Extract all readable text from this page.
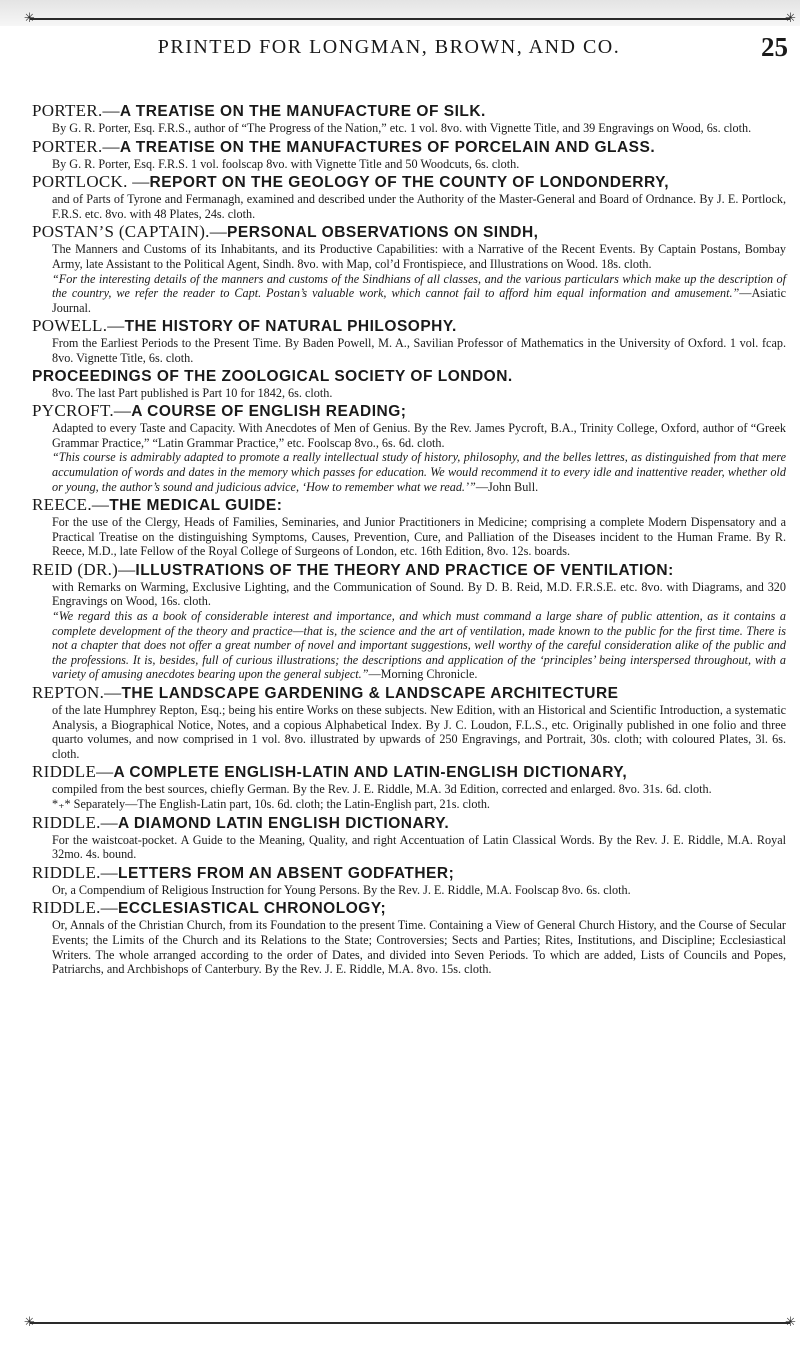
✳	✳
PRINTED FOR LONGMAN, BROWN, AND CO.	25
PORTER.—A TREATISE ON THE MANUFACTURE OF SILK.
By G. R. Porter, Esq. F.R.S., author of “The Progress of the Nation,” etc. 1 vol. 8vo. with Vignette Title, and 39 Engravings on Wood, 6s. cloth.
PORTER.—A TREATISE ON THE MANUFACTURES OF PORCELAIN AND GLASS.
By G. R. Porter, Esq. F.R.S. 1 vol. foolscap 8vo. with Vignette Title and 50 Woodcuts, 6s. cloth.
PORTLOCK. —REPORT ON THE GEOLOGY OF THE COUNTY OF LONDONDERRY,
and of Parts of Tyrone and Fermanagh, examined and described under the Authority of the Master-General and Board of Ordnance. By J. E. Portlock, F.R.S. etc. 8vo. with 48 Plates, 24s. cloth.
POSTAN’S (CAPTAIN).—PERSONAL OBSERVATIONS ON SINDH,
The Manners and Customs of its Inhabitants, and its Productive Capabilities: with a Narrative of the Recent Events. By Captain Postans, Bombay Army, late Assistant to the Political Agent, Sindh. 8vo. with Map, col’d Frontispiece, and Illustrations on Wood. 18s. cloth.
“For the interesting details of the manners and customs of the Sindhians of all classes, and the various particulars which make up the description of the country, we refer the reader to Capt. Postan’s valuable work, which cannot fail to afford him equal information and amusement.”—Asiatic Journal.
POWELL.—THE HISTORY OF NATURAL PHILOSOPHY.
From the Earliest Periods to the Present Time. By Baden Powell, M. A., Savilian Professor of Mathematics in the University of Oxford. 1 vol. fcap. 8vo. Vignette Title, 6s. cloth.
PROCEEDINGS OF THE ZOOLOGICAL SOCIETY OF LONDON.
8vo. The last Part published is Part 10 for 1842, 6s. cloth.
PYCROFT.—A COURSE OF ENGLISH READING;
Adapted to every Taste and Capacity. With Anecdotes of Men of Genius. By the Rev. James Pycroft, B.A., Trinity College, Oxford, author of “Greek Grammar Practice,” “Latin Grammar Practice,” etc. Foolscap 8vo., 6s. 6d. cloth.
“This course is admirably adapted to promote a really intellectual study of history, philosophy, and the belles lettres, as distinguished from that mere accumulation of words and dates in the memory which passes for education. We would recommend it to every idle and inattentive reader, whether old or young, the author’s sound and judicious advice, ‘How to remember what we read.’”—John Bull.
REECE.—THE MEDICAL GUIDE:
For the use of the Clergy, Heads of Families, Seminaries, and Junior Practitioners in Medicine; comprising a complete Modern Dispensatory and a Practical Treatise on the distinguishing Symptoms, Causes, Prevention, Cure, and Palliation of the Diseases incident to the Human Frame. By R. Reece, M.D., late Fellow of the Royal College of Surgeons of London, etc. 16th Edition, 8vo. 12s. boards.
REID (DR.)—ILLUSTRATIONS OF THE THEORY AND PRACTICE OF VENTILATION:
with Remarks on Warming, Exclusive Lighting, and the Communication of Sound. By D. B. Reid, M.D. F.R.S.E. etc. 8vo. with Diagrams, and 320 Engravings on Wood, 16s. cloth.
“We regard this as a book of considerable interest and importance, and which must command a large share of public attention, as it contains a complete development of the theory and practice—that is, the science and the art of ventilation, made known to the public for the first time. There is not a chapter that does not offer a great number of novel and important suggestions, well worthy of the careful consideration alike of the public and the professions. It is, besides, full of curious illustrations; the descriptions and application of the ‘principles’ being interspersed throughout, with a variety of amusing anecdotes bearing upon the general subject.”—Morning Chronicle.
REPTON.—THE LANDSCAPE GARDENING & LANDSCAPE ARCHITECTURE
of the late Humphrey Repton, Esq.; being his entire Works on these subjects. New Edition, with an Historical and Scientific Introduction, a systematic Analysis, a Biographical Notice, Notes, and a copious Alphabetical Index. By J. C. Loudon, F.L.S., etc. Originally published in one folio and three quarto volumes, and now comprised in 1 vol. 8vo. illustrated by upwards of 250 Engravings, and Portrait, 30s. cloth; with coloured Plates, 3l. 6s. cloth.
RIDDLE—A COMPLETE ENGLISH-LATIN AND LATIN-ENGLISH DICTIONARY,
compiled from the best sources, chiefly German. By the Rev. J. E. Riddle, M.A. 3d Edition, corrected and enlarged. 8vo. 31s. 6d. cloth.
*₊* Separately—The English-Latin part, 10s. 6d. cloth; the Latin-English part, 21s. cloth.
RIDDLE.—A DIAMOND LATIN ENGLISH DICTIONARY.
For the waistcoat-pocket. A Guide to the Meaning, Quality, and right Accentuation of Latin Classical Words. By the Rev. J. E. Riddle, M.A. Royal 32mo. 4s. bound.
RIDDLE.—LETTERS FROM AN ABSENT GODFATHER;
Or, a Compendium of Religious Instruction for Young Persons. By the Rev. J. E. Riddle, M.A. Foolscap 8vo. 6s. cloth.
RIDDLE.—ECCLESIASTICAL CHRONOLOGY;
Or, Annals of the Christian Church, from its Foundation to the present Time. Containing a View of General Church History, and the Course of Secular Events; the Limits of the Church and its Relations to the State; Controversies; Sects and Parties; Rites, Institutions, and Discipline; Ecclesiastical Writers. The whole arranged according to the order of Dates, and divided into Seven Periods. To which are added, Lists of Councils and Popes, Patriarchs, and Archbishops of Canterbury. By the Rev. J. E. Riddle, M.A. 8vo. 15s. cloth.
✳	✳
